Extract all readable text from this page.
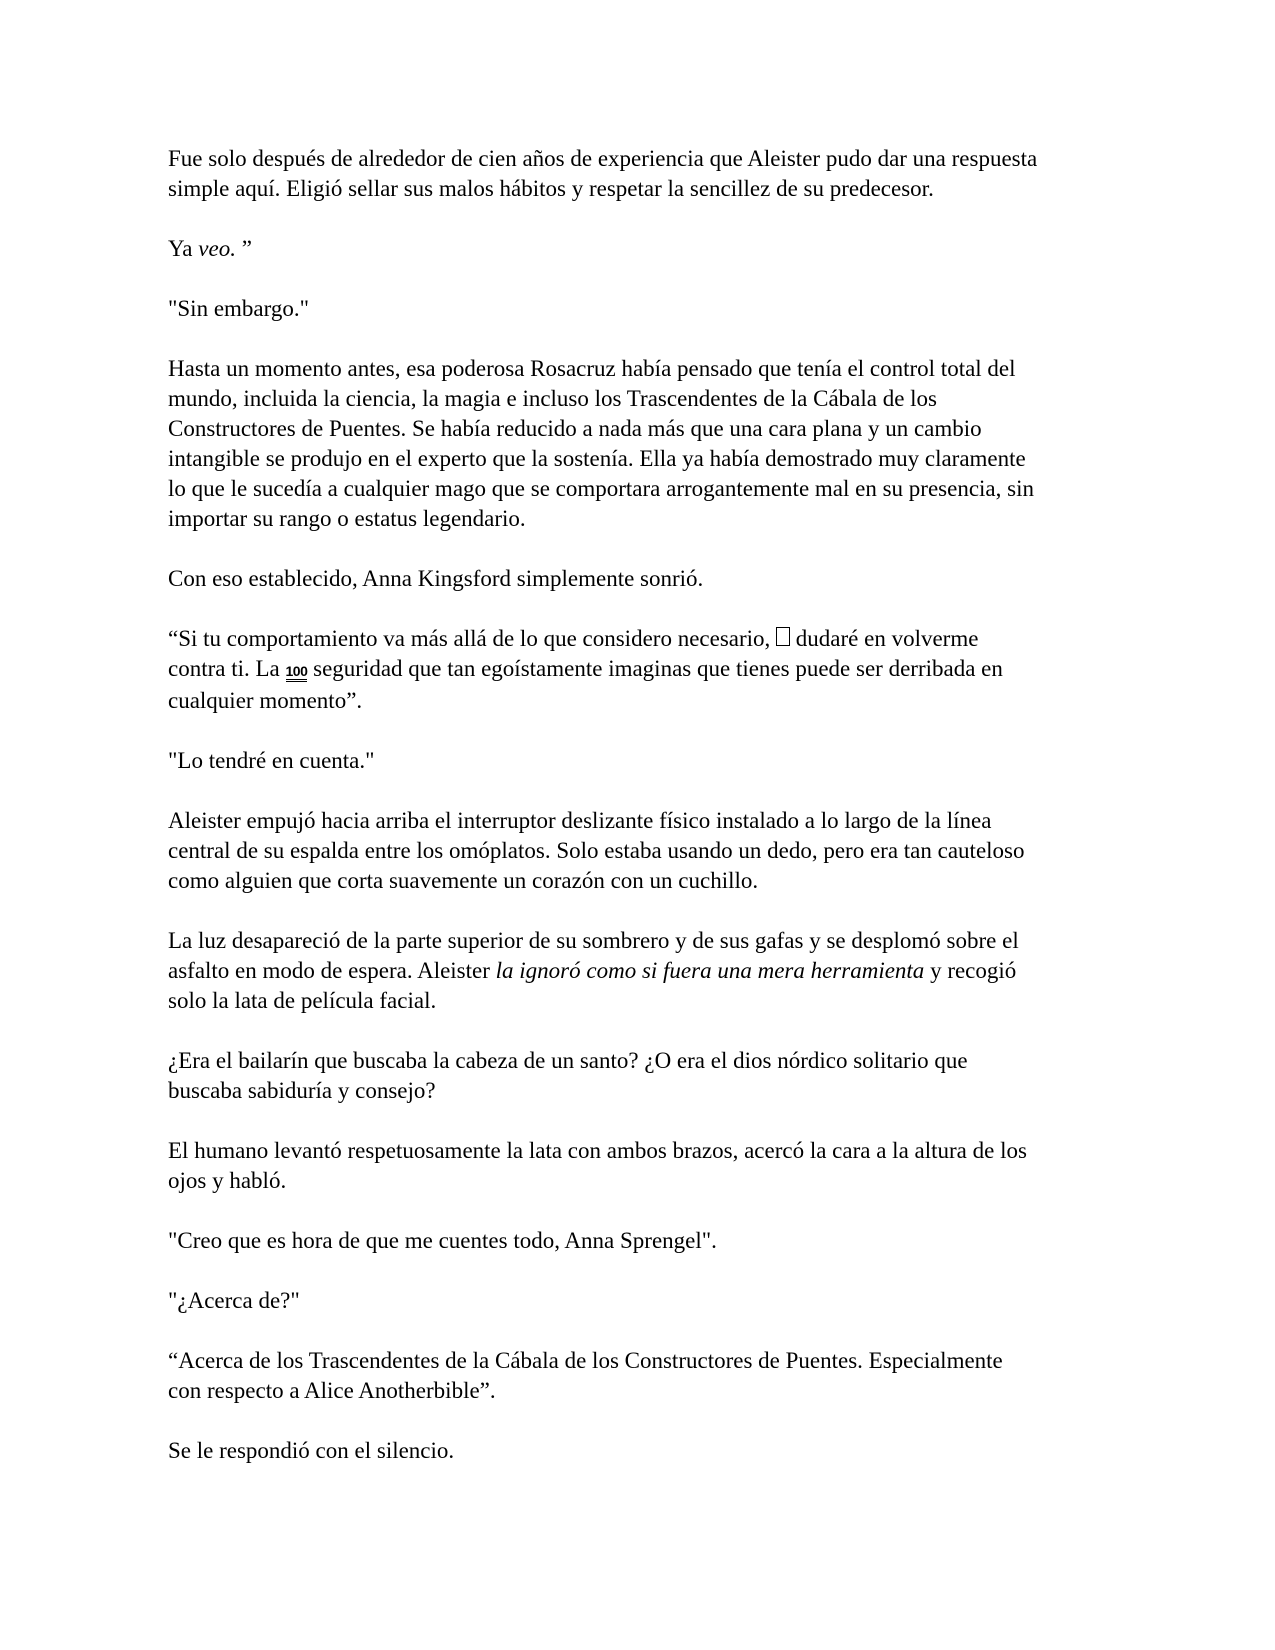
Fue solo después de alrededor de cien años de experiencia que Aleister pudo dar una respuesta simple aquí. Eligió sellar sus malos hábitos y respetar la sencillez de su predecesor.

Ya veo. ”

"Sin embargo."

Hasta un momento antes, esa poderosa Rosacruz había pensado que tenía el control total del mundo, incluida la ciencia, la magia e incluso los Trascendentes de la Cábala de los Constructores de Puentes. Se había reducido a nada más que una cara plana y un cambio intangible se produjo en el experto que la sostenía. Ella ya había demostrado muy claramente lo que le sucedía a cualquier mago que se comportara arrogantemente mal en su presencia, sin importar su rango o estatus legendario.

Con eso establecido, Anna Kingsford simplemente sonrió.

“Si tu comportamiento va más allá de lo que considero necesario,  dudaré en volverme contra ti. La 100 seguridad que tan egoístamente imaginas que tienes puede ser derribada en cualquier momento”.

"Lo tendré en cuenta."

Aleister empujó hacia arriba el interruptor deslizante físico instalado a lo largo de la línea central de su espalda entre los omóplatos. Solo estaba usando un dedo, pero era tan cauteloso como alguien que corta suavemente un corazón con un cuchillo.

La luz desapareció de la parte superior de su sombrero y de sus gafas y se desplomó sobre el asfalto en modo de espera. Aleister la ignoró como si fuera una mera herramienta y recogió solo la lata de película facial.

¿Era el bailarín que buscaba la cabeza de un santo? ¿O era el dios nórdico solitario que buscaba sabiduría y consejo?

El humano levantó respetuosamente la lata con ambos brazos, acercó la cara a la altura de los ojos y habló.

"Creo que es hora de que me cuentes todo, Anna Sprengel".

"¿Acerca de?"

“Acerca de los Trascendentes de la Cábala de los Constructores de Puentes. Especialmente con respecto a Alice Anotherbible”.

Se le respondió con el silencio.
